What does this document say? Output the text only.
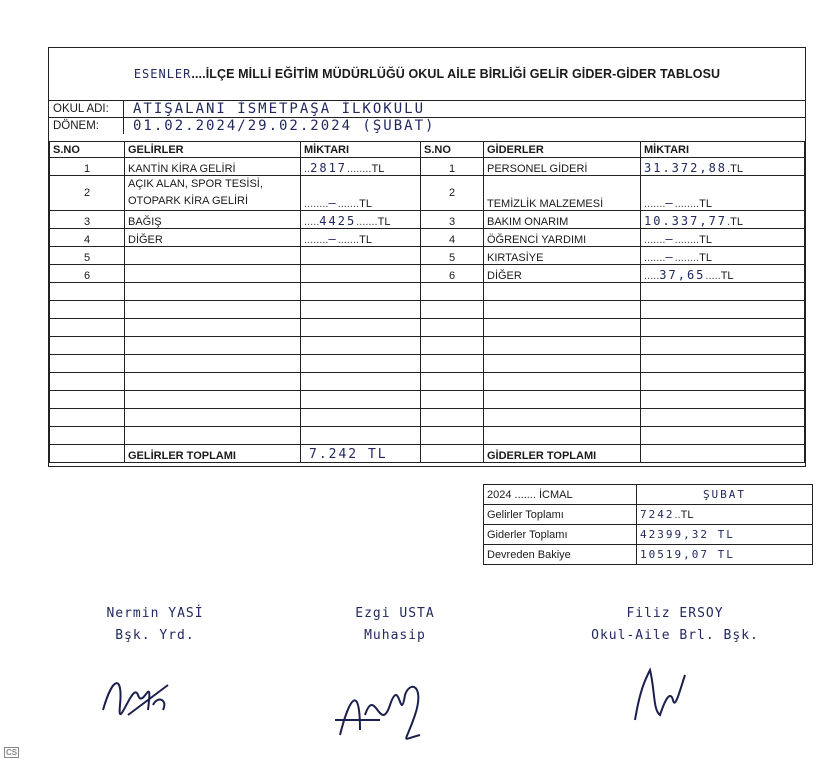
ESENLER .... İLÇE MİLLİ EĞİTİM MÜDÜRLÜĞÜ OKUL AİLE BİRLİĞİ GELİR GİDER-GİDER TABLOSU
OKUL ADI: ATIŞALANI İSMETPAŞA İLKOKULU
DÖNEM: 01.02.2024/29.02.2024 (ŞUBAT)
S.NO	GELİRLER	MİKTARI	S.NO	GİDERLER	MİKTARI
1	KANTİN KİRA GELİRİ	..2817........TL	1	PERSONEL GİDERİ	31.372,88.TL
2	AÇIK ALAN, SPOR TESİSİ, OTOPARK KİRA GELİRİ	........—.......TL	2	TEMİZLİK MALZEMESİ	.......—........TL
3	BAĞIŞ	.....4425.......TL	3	BAKIM ONARIM	10.337,77.TL
4	DİĞER	........—.......TL	4	ÖĞRENCİ YARDIMI	.......—........TL
5			5	KIRTASİYE	.......—........TL
6			6	DİĞER	.....37,65.....TL

	GELİRLER TOPLAMI	7.242 TL		GİDERLER TOPLAMI	
2024 ....... İCMAL	ŞUBAT
Gelirler Toplamı	7242..TL
Giderler Toplamı	42399,32 TL
Devreden Bakiye	10519,07 TL
Nermin YASİ
Bşk. Yrd.
Ezgi USTA
Muhasip
Filiz ERSOY
Okul-Aile Brl. Bşk.
CS
